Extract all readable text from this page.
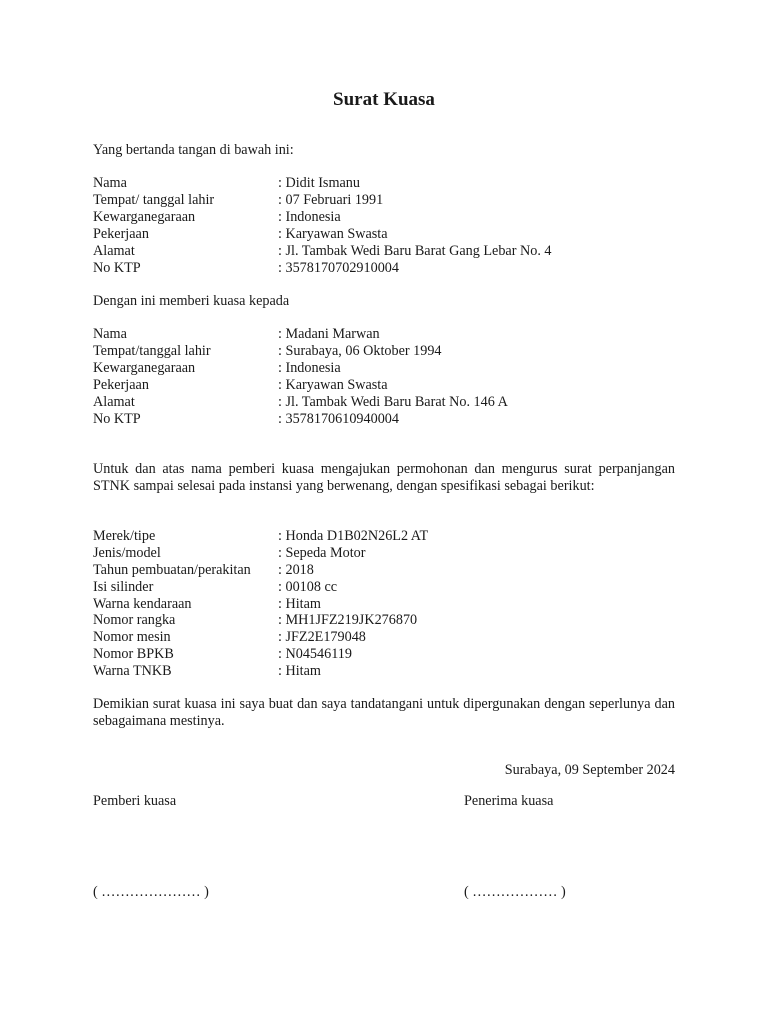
Surat Kuasa
Yang bertanda tangan di bawah ini:
Nama	: Didit Ismanu
Tempat/ tanggal lahir	: 07 Februari 1991
Kewarganegaraan	: Indonesia
Pekerjaan	: Karyawan Swasta
Alamat	: Jl. Tambak Wedi Baru Barat Gang Lebar No. 4
No KTP	: 3578170702910004
Dengan ini memberi kuasa kepada
Nama	: Madani Marwan
Tempat/tanggal lahir	: Surabaya, 06 Oktober 1994
Kewarganegaraan	: Indonesia
Pekerjaan	: Karyawan Swasta
Alamat	: Jl. Tambak Wedi Baru Barat No. 146 A
No KTP	: 3578170610940004
Untuk dan atas nama pemberi kuasa mengajukan permohonan dan mengurus surat perpanjangan STNK sampai selesai pada instansi yang berwenang, dengan spesifikasi sebagai berikut:
Merek/tipe	: Honda D1B02N26L2 AT
Jenis/model	: Sepeda Motor
Tahun pembuatan/perakitan : 2018
Isi silinder	: 00108 cc
Warna kendaraan	: Hitam
Nomor rangka	: MH1JFZ219JK276870
Nomor mesin	: JFZ2E179048
Nomor BPKB	: N04546119
Warna TNKB	: Hitam
Demikian surat kuasa ini saya buat dan saya tandatangani untuk dipergunakan dengan seperlunya dan sebagaimana mestinya.
Surabaya, 09 September 2024
Pemberi kuasa	Penerima kuasa
( ………………… )	( ……………… )
